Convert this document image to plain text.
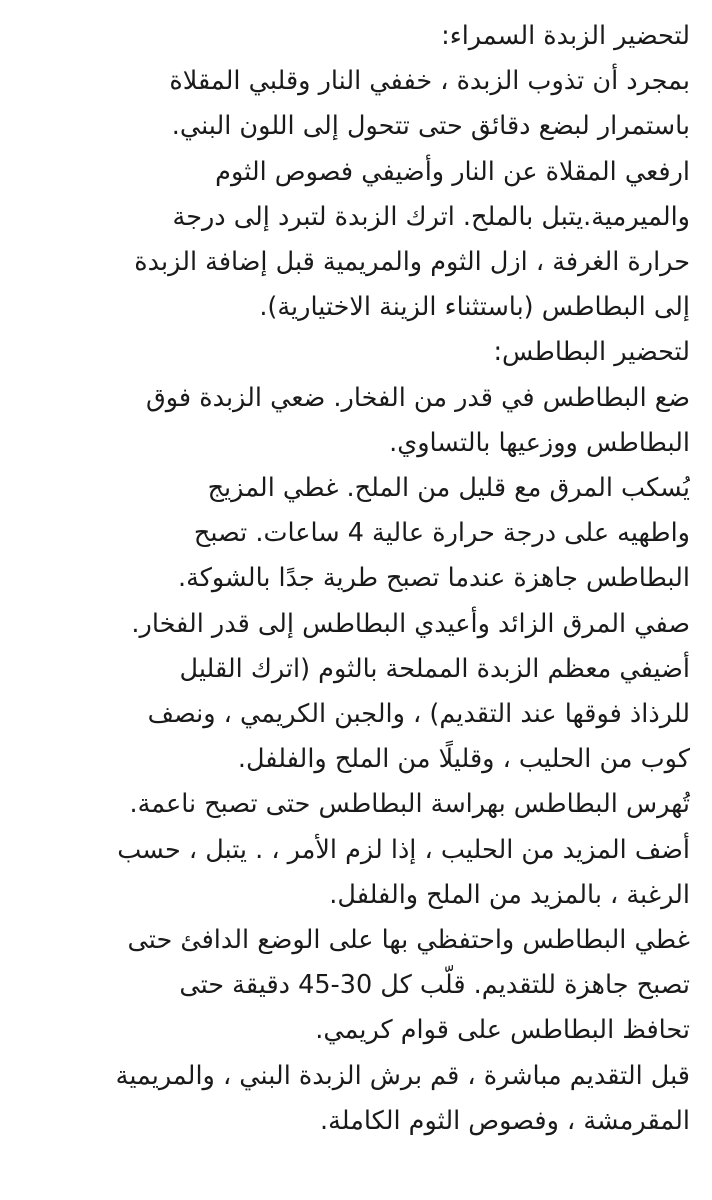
لتحضير الزبدة السمراء:
بمجرد أن تذوب الزبدة ، خففي النار وقلبي المقلاة
باستمرار لبضع دقائق حتى تتحول إلى اللون البني.
ارفعي المقلاة عن النار وأضيفي فصوص الثوم
والميرمية.يتبل بالملح. اترك الزبدة لتبرد إلى درجة
حرارة الغرفة ، ازل الثوم والمريمية قبل إضافة الزبدة
إلى البطاطس (باستثناء الزينة الاختيارية).
لتحضير البطاطس:
ضع البطاطس في قدر من الفخار. ضعي الزبدة فوق
البطاطس ووزعيها بالتساوي.
يُسكب المرق مع قليل من الملح. غطي المزيج
واطهيه على درجة حرارة عالية 4 ساعات. تصبح
البطاطس جاهزة عندما تصبح طرية جدًا بالشوكة.
صفي المرق الزائد وأعيدي البطاطس إلى قدر الفخار.
أضيفي معظم الزبدة المملحة بالثوم (اترك القليل
للرذاذ فوقها عند التقديم) ، والجبن الكريمي ، ونصف
كوب من الحليب ، وقليلًا من الملح والفلفل.
تُهرس البطاطس بهراسة البطاطس حتى تصبح ناعمة.
أضف المزيد من الحليب ، إذا لزم الأمر ، . يتبل ، حسب
الرغبة ، بالمزيد من الملح والفلفل.
غطي البطاطس واحتفظي بها على الوضع الدافئ حتى
تصبح جاهزة للتقديم. قلّب كل 30-45 دقيقة حتى
تحافظ البطاطس على قوام كريمي.
قبل التقديم مباشرة ، قم برش الزبدة البني ، والمريمية
المقرمشة ، وفصوص الثوم الكاملة.
